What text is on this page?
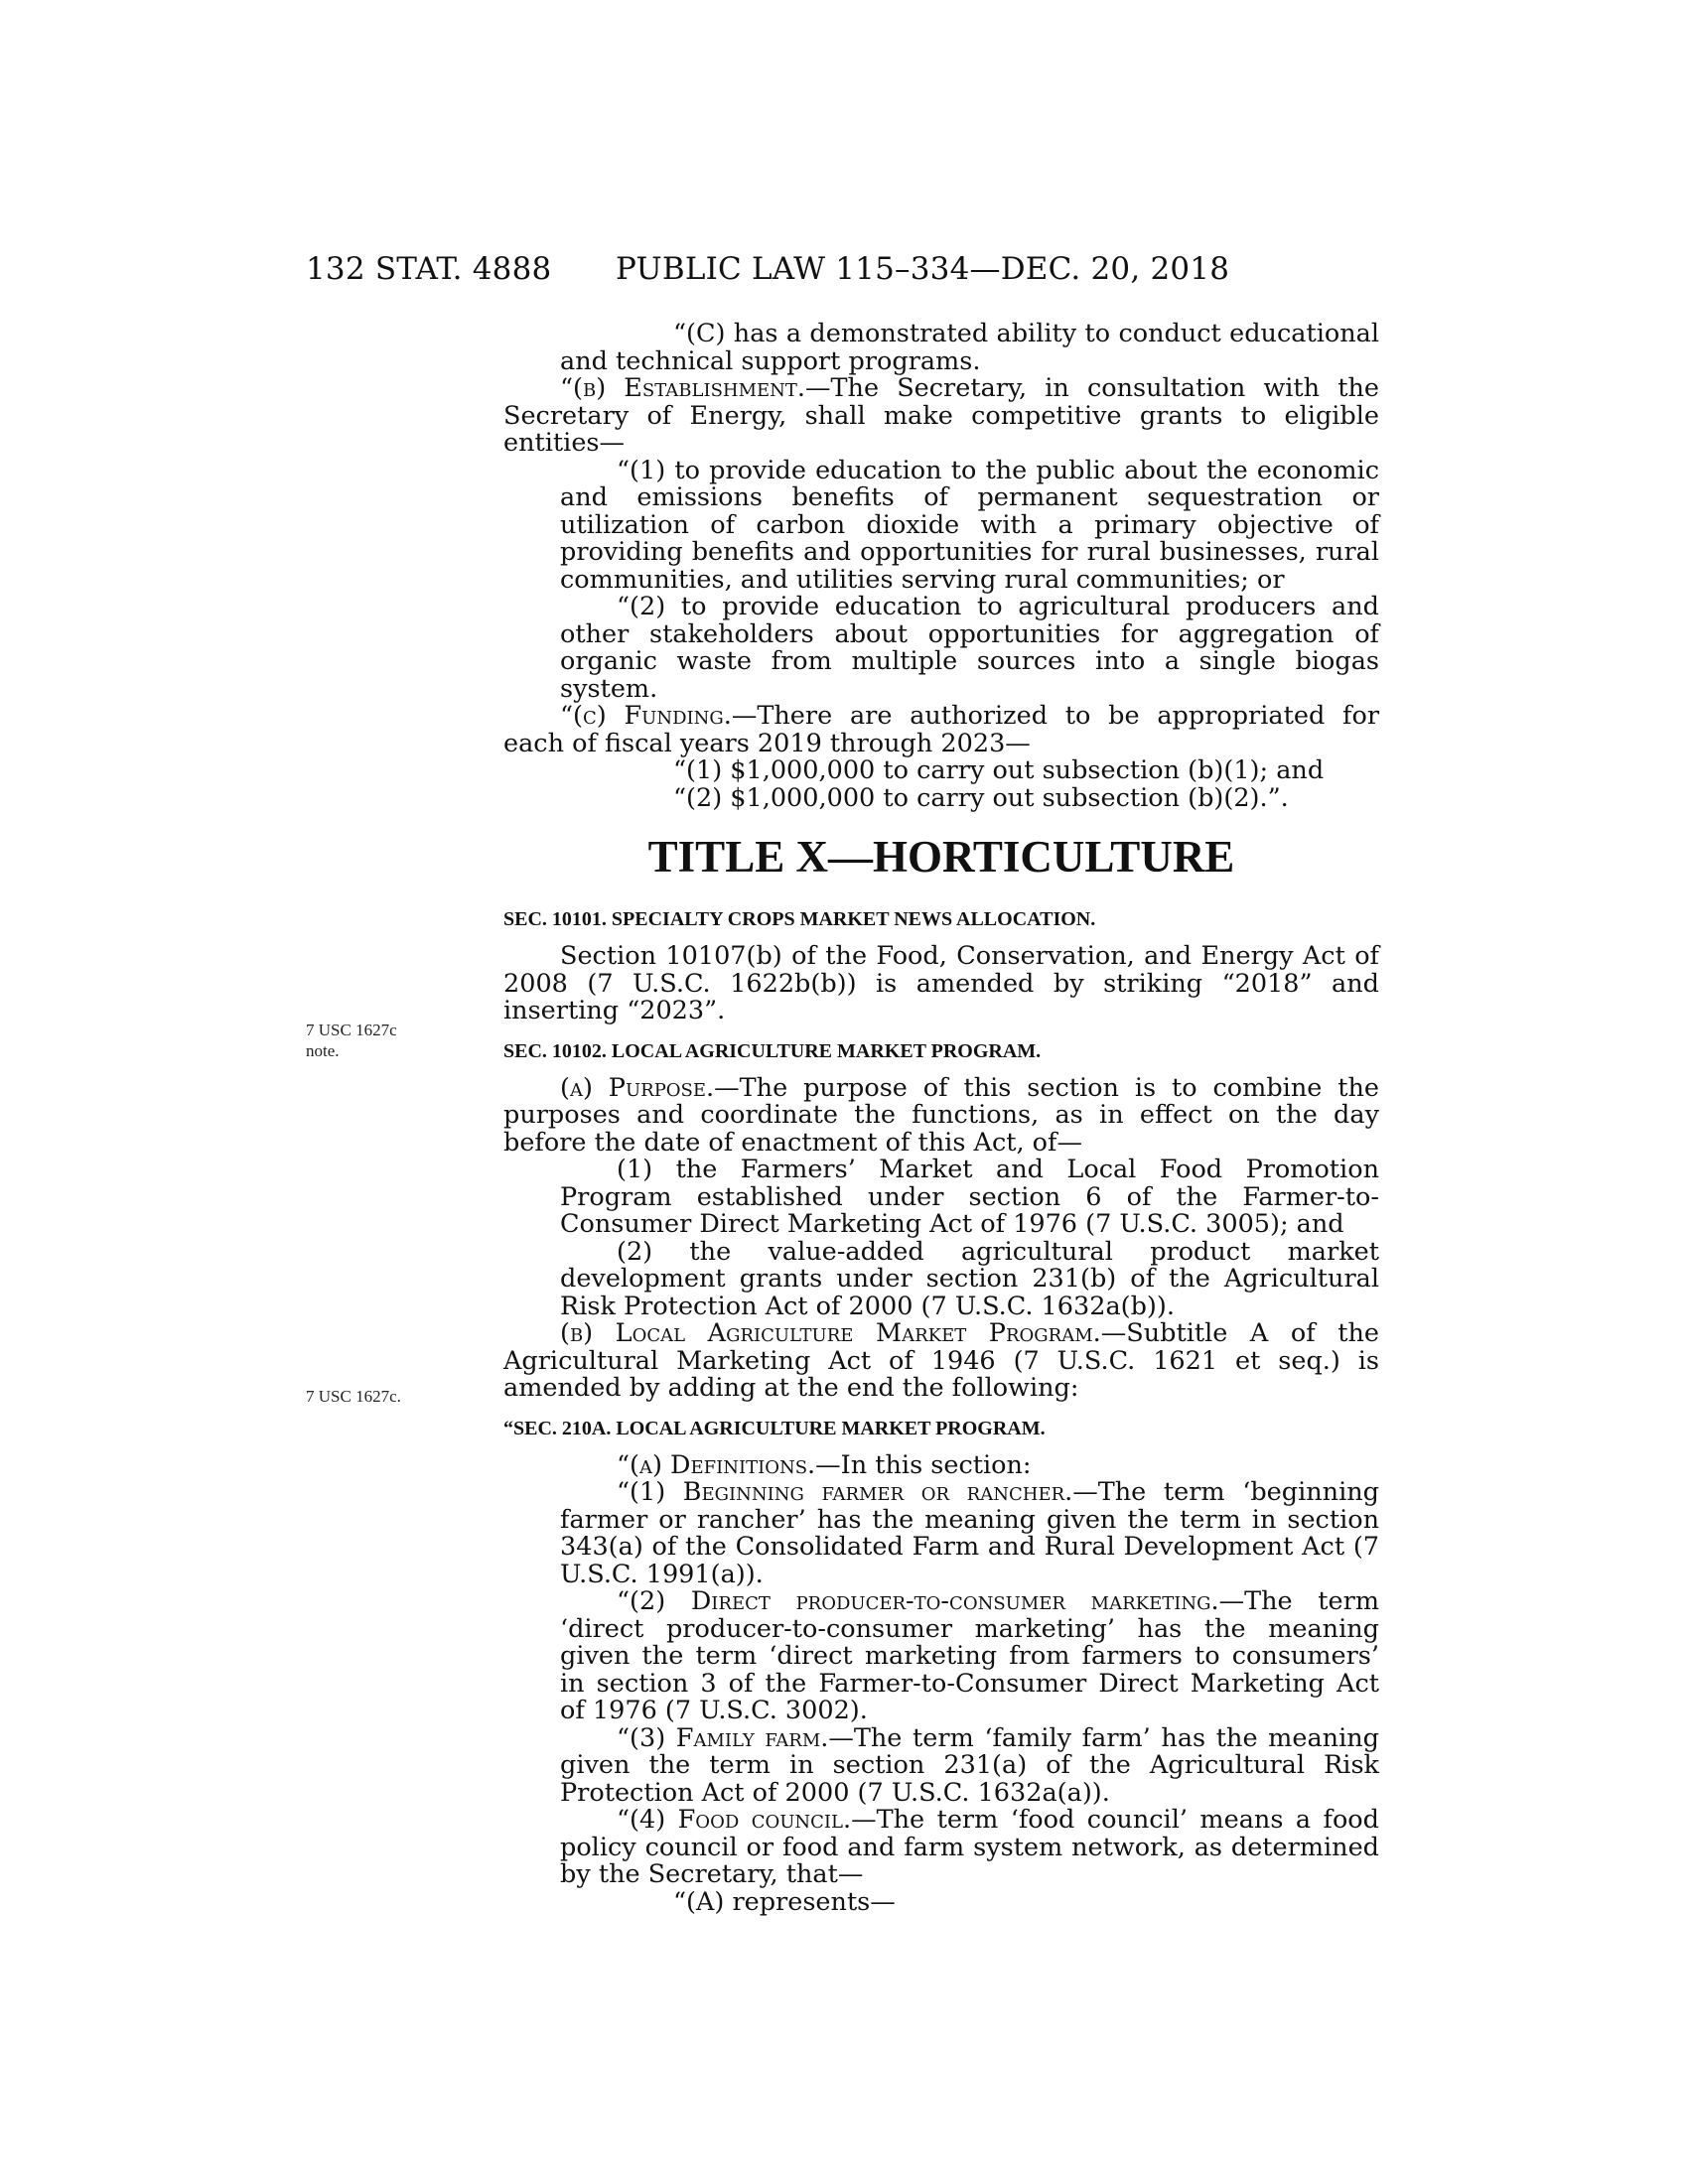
132 STAT. 4888 PUBLIC LAW 115–334—DEC. 20, 2018
7 USC 1627c
note.
7 USC 1627c.

“(C) has a demonstrated ability to conduct educational and technical support programs.

“(b) Establishment.—The Secretary, in consultation with the Secretary of Energy, shall make competitive grants to eligible entities—

“(1) to provide education to the public about the economic and emissions benefits of permanent sequestration or utilization of carbon dioxide with a primary objective of providing benefits and opportunities for rural businesses, rural communities, and utilities serving rural communities; or

“(2) to provide education to agricultural producers and other stakeholders about opportunities for aggregation of organic waste from multiple sources into a single biogas system.

“(c) Funding.—There are authorized to be appropriated for each of fiscal years 2019 through 2023—

“(1) $1,000,000 to carry out subsection (b)(1); and

“(2) $1,000,000 to carry out subsection (b)(2).”.

TITLE X—HORTICULTURE

SEC. 10101. SPECIALTY CROPS MARKET NEWS ALLOCATION.

Section 10107(b) of the Food, Conservation, and Energy Act of 2008 (7 U.S.C. 1622b(b)) is amended by striking “2018” and inserting “2023”.

SEC. 10102. LOCAL AGRICULTURE MARKET PROGRAM.

(a) Purpose.—The purpose of this section is to combine the purposes and coordinate the functions, as in effect on the day before the date of enactment of this Act, of—

(1) the Farmers’ Market and Local Food Promotion Program established under section 6 of the Farmer-to-Consumer Direct Marketing Act of 1976 (7 U.S.C. 3005); and

(2) the value-added agricultural product market development grants under section 231(b) of the Agricultural Risk Protection Act of 2000 (7 U.S.C. 1632a(b)).

(b) Local Agriculture Market Program.—Subtitle A of the Agricultural Marketing Act of 1946 (7 U.S.C. 1621 et seq.) is amended by adding at the end the following:

“SEC. 210A. LOCAL AGRICULTURE MARKET PROGRAM.

“(a) Definitions.—In this section:

“(1) Beginning farmer or rancher.—The term ‘beginning farmer or rancher’ has the meaning given the term in section 343(a) of the Consolidated Farm and Rural Development Act (7 U.S.C. 1991(a)).

“(2) Direct producer-to-consumer marketing.—The term ‘direct producer-to-consumer marketing’ has the meaning given the term ‘direct marketing from farmers to consumers’ in section 3 of the Farmer-to-Consumer Direct Marketing Act of 1976 (7 U.S.C. 3002).

“(3) Family farm.—The term ‘family farm’ has the meaning given the term in section 231(a) of the Agricultural Risk Protection Act of 2000 (7 U.S.C. 1632a(a)).

“(4) Food council.—The term ‘food council’ means a food policy council or food and farm system network, as determined by the Secretary, that—

“(A) represents—
